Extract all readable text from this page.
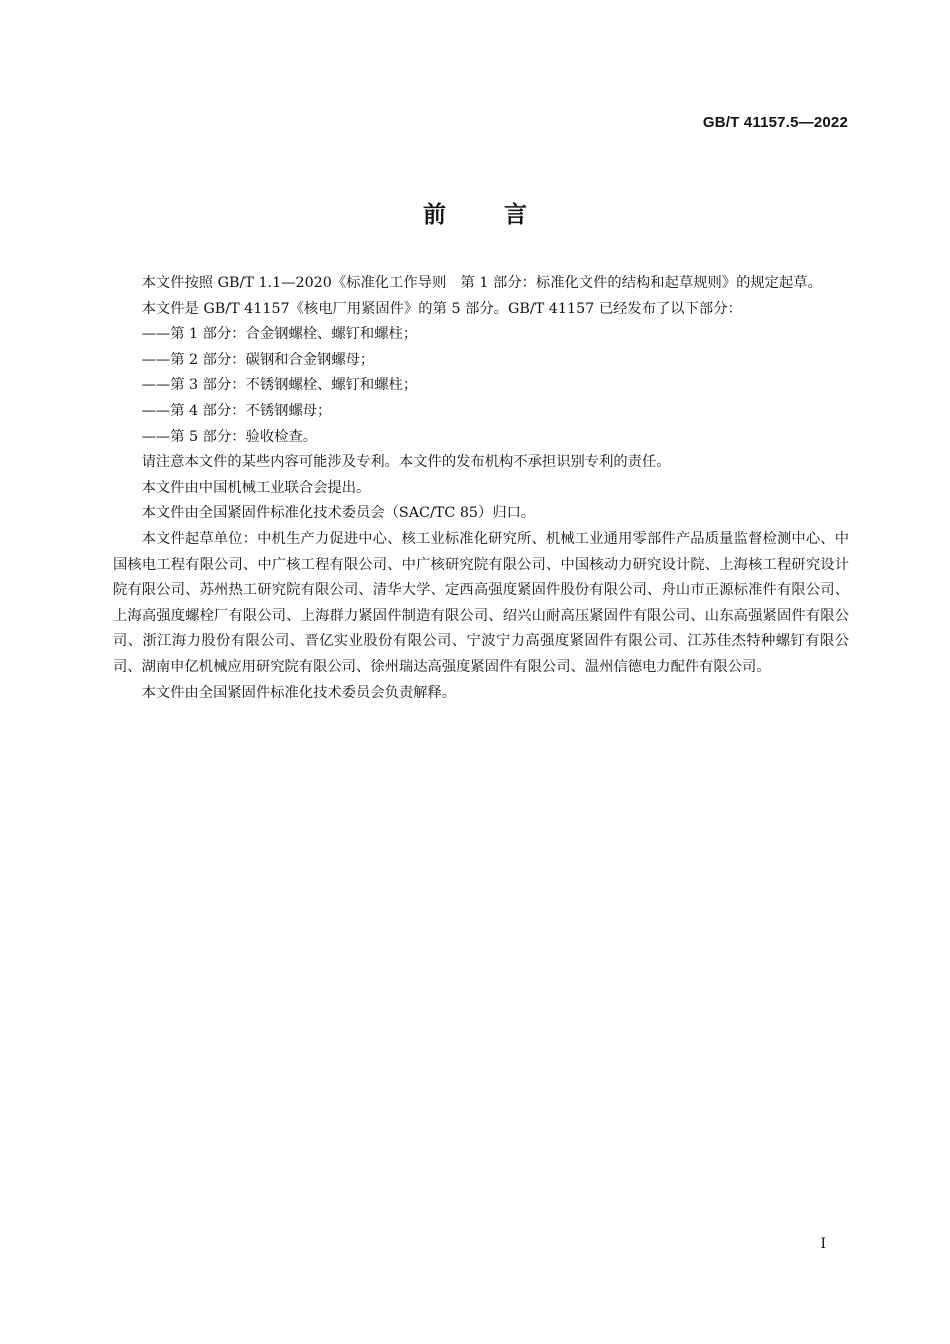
GB/T 41157.5—2022
前言

本文件按照 GB/T 1.1—2020《标准化工作导则　第 1 部分：标准化文件的结构和起草规则》的规定起草。

本文件是 GB/T 41157《核电厂用紧固件》的第 5 部分。GB/T 41157 已经发布了以下部分：

——第 1 部分：合金钢螺栓、螺钉和螺柱；

——第 2 部分：碳钢和合金钢螺母；

——第 3 部分：不锈钢螺栓、螺钉和螺柱；

——第 4 部分：不锈钢螺母；

——第 5 部分：验收检查。

请注意本文件的某些内容可能涉及专利。本文件的发布机构不承担识别专利的责任。

本文件由中国机械工业联合会提出。

本文件由全国紧固件标准化技术委员会（SAC/TC 85）归口。

本文件起草单位：中机生产力促进中心、核工业标准化研究所、机械工业通用零部件产品质量监督检测中心、中国核电工程有限公司、中广核工程有限公司、中广核研究院有限公司、中国核动力研究设计院、上海核工程研究设计院有限公司、苏州热工研究院有限公司、清华大学、定西高强度紧固件股份有限公司、舟山市正源标准件有限公司、上海高强度螺栓厂有限公司、上海群力紧固件制造有限公司、绍兴山耐高压紧固件有限公司、山东高强紧固件有限公司、浙江海力股份有限公司、晋亿实业股份有限公司、宁波宁力高强度紧固件有限公司、江苏佳杰特种螺钉有限公司、湖南申亿机械应用研究院有限公司、徐州瑞达高强度紧固件有限公司、温州信德电力配件有限公司。

本文件由全国紧固件标准化技术委员会负责解释。

I
